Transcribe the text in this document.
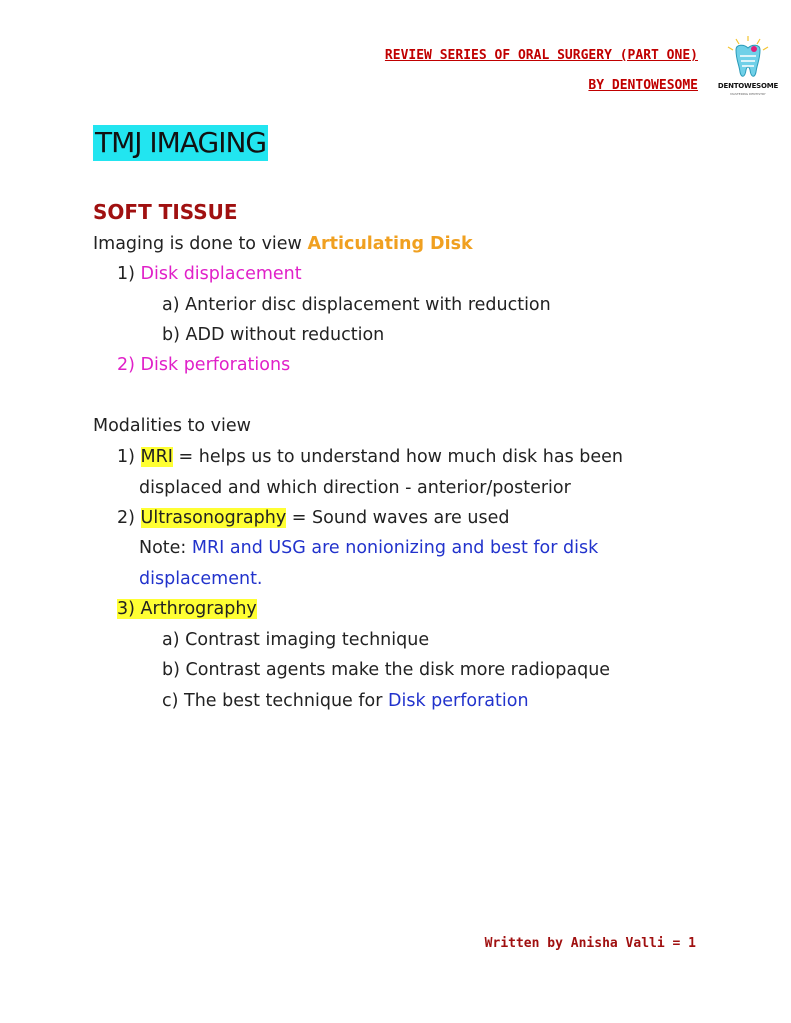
REVIEW SERIES OF ORAL SURGERY (PART ONE)
BY DENTOWESOME	DENTOWESOME
MASTERING DENTISTRY
TMJ IMAGING
SOFT TISSUE
Imaging is done to view Articulating Disk
1) Disk displacement
a) Anterior disc displacement with reduction
b) ADD without reduction
2) Disk perforations
Modalities to view
1) MRI = helps us to understand how much disk has been
displaced and which direction - anterior/posterior
2) Ultrasonography = Sound waves are used
Note: MRI and USG are nonionizing and best for disk
displacement.
3) Arthrography
a) Contrast imaging technique
b) Contrast agents make the disk more radiopaque
c) The best technique for Disk perforation
Written by Anisha Valli = 1
